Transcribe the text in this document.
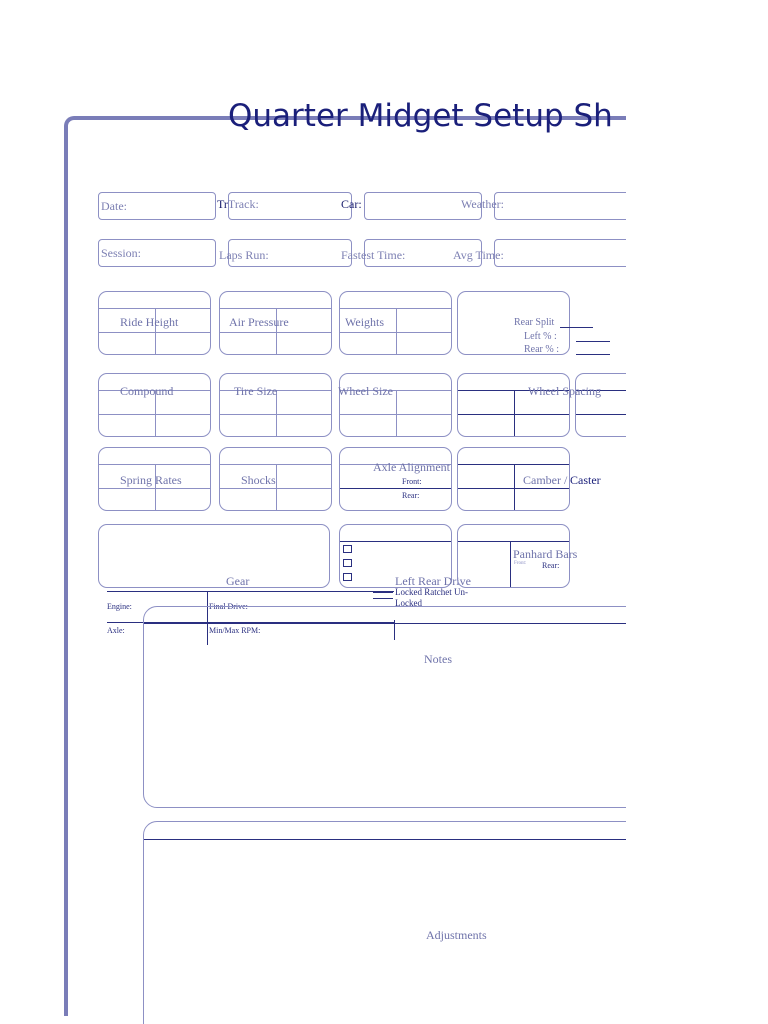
Quarter Midget Setup Sh
Date:	TrTrack:	Car:	Weather:
Session:	Laps Run:	Fastest Time:	Avg Time:
Ride Height	Air Pressure	Weights	Rear Split
Left % :
Rear % :
Compound	Tire Size	Wheel Size	Wheel Spacing
Spring Rates	Shocks
Axle Alignment
Front:
Rear:
Camber / Caster
Gear	Left Rear Drive
Locked Ratchet Un-
Locked
Panhard Bars
Front: Rear:
Engine:	Final Drive:
Axle:	Min/Max RPM:
Notes
Adjustments
